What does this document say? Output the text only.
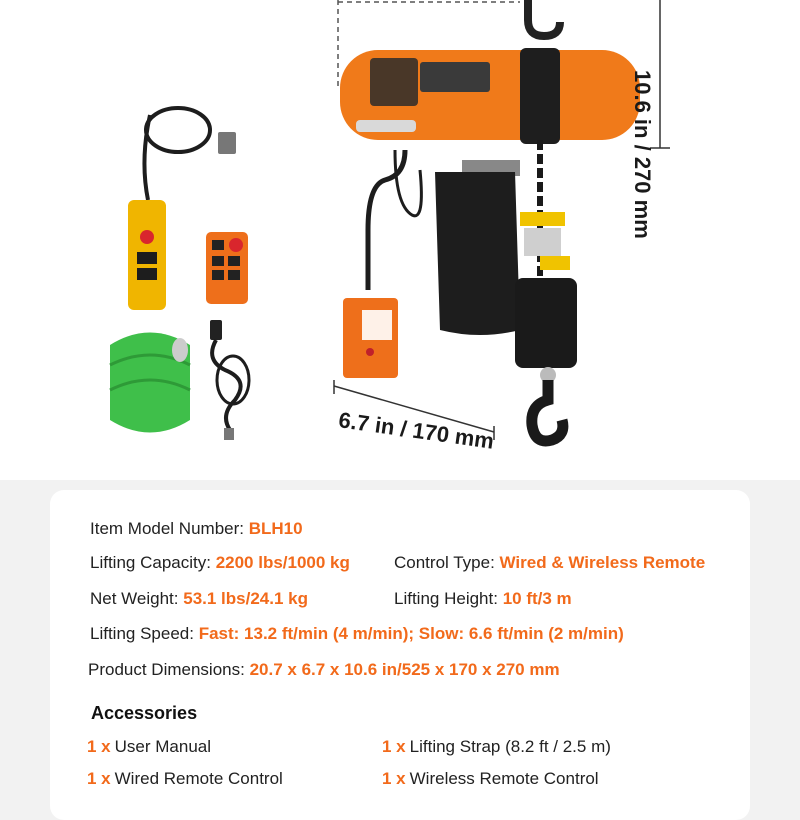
10.6 in / 270 mm
6.7 in / 170 mm
Item Model Number: BLH10
Lifting Capacity: 2200 lbs/1000 kg	Control Type: Wired & Wireless Remote
Net Weight: 53.1 lbs/24.1 kg	Lifting Height: 10 ft/3 m
Lifting Speed: Fast: 13.2 ft/min (4 m/min); Slow: 6.6 ft/min (2 m/min)
Product Dimensions: 20.7 x 6.7 x 10.6 in/525 x 170 x 270 mm
Accessories
1 x User Manual	1 x Lifting Strap (8.2 ft / 2.5 m)
1 x Wired Remote Control	1 x Wireless Remote Control
